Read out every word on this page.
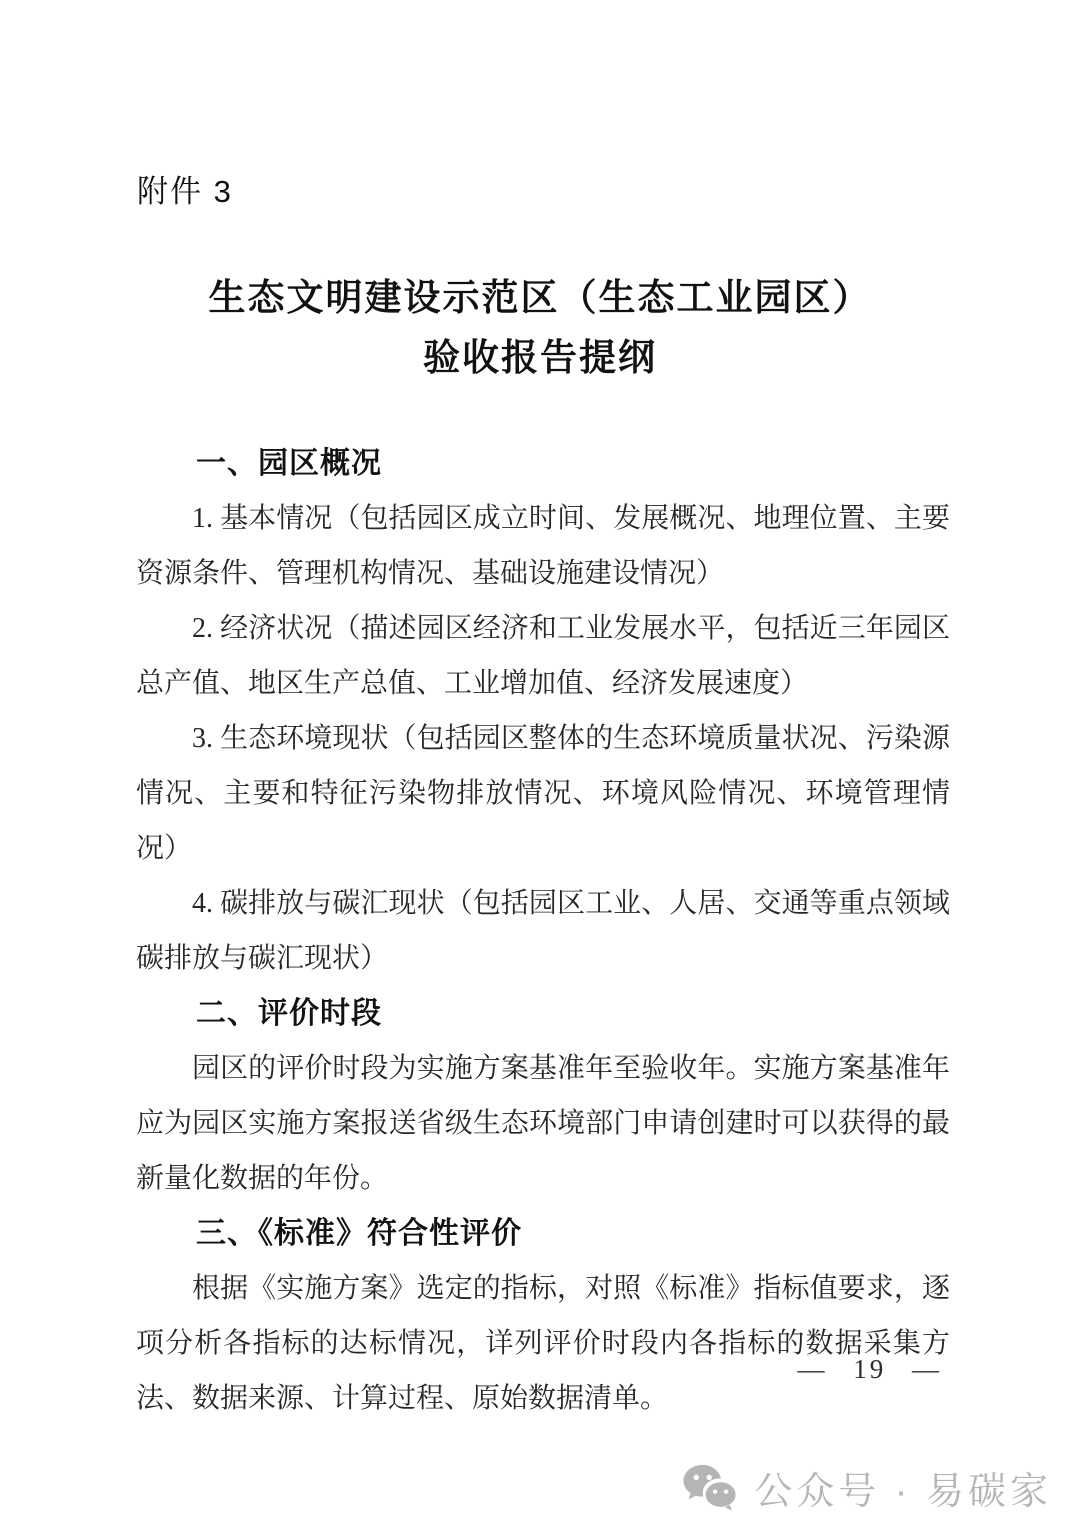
附件 3
生态文明建设示范区（生态工业园区）
验收报告提纲
一、园区概况

1. 基本情况（包括园区成立时间、发展概况、地理位置、主要资源条件、管理机构情况、基础设施建设情况）

2. 经济状况（描述园区经济和工业发展水平，包括近三年园区总产值、地区生产总值、工业增加值、经济发展速度）

3. 生态环境现状（包括园区整体的生态环境质量状况、污染源情况、主要和特征污染物排放情况、环境风险情况、环境管理情况）

4. 碳排放与碳汇现状（包括园区工业、人居、交通等重点领域碳排放与碳汇现状）

二、评价时段

园区的评价时段为实施方案基准年至验收年。实施方案基准年应为园区实施方案报送省级生态环境部门申请创建时可以获得的最新量化数据的年份。

三、《标准》符合性评价

根据《实施方案》选定的指标，对照《标准》指标值要求，逐项分析各指标的达标情况，详列评价时段内各指标的数据采集方法、数据来源、计算过程、原始数据清单。

— 19 —
公众号 · 易碳家
